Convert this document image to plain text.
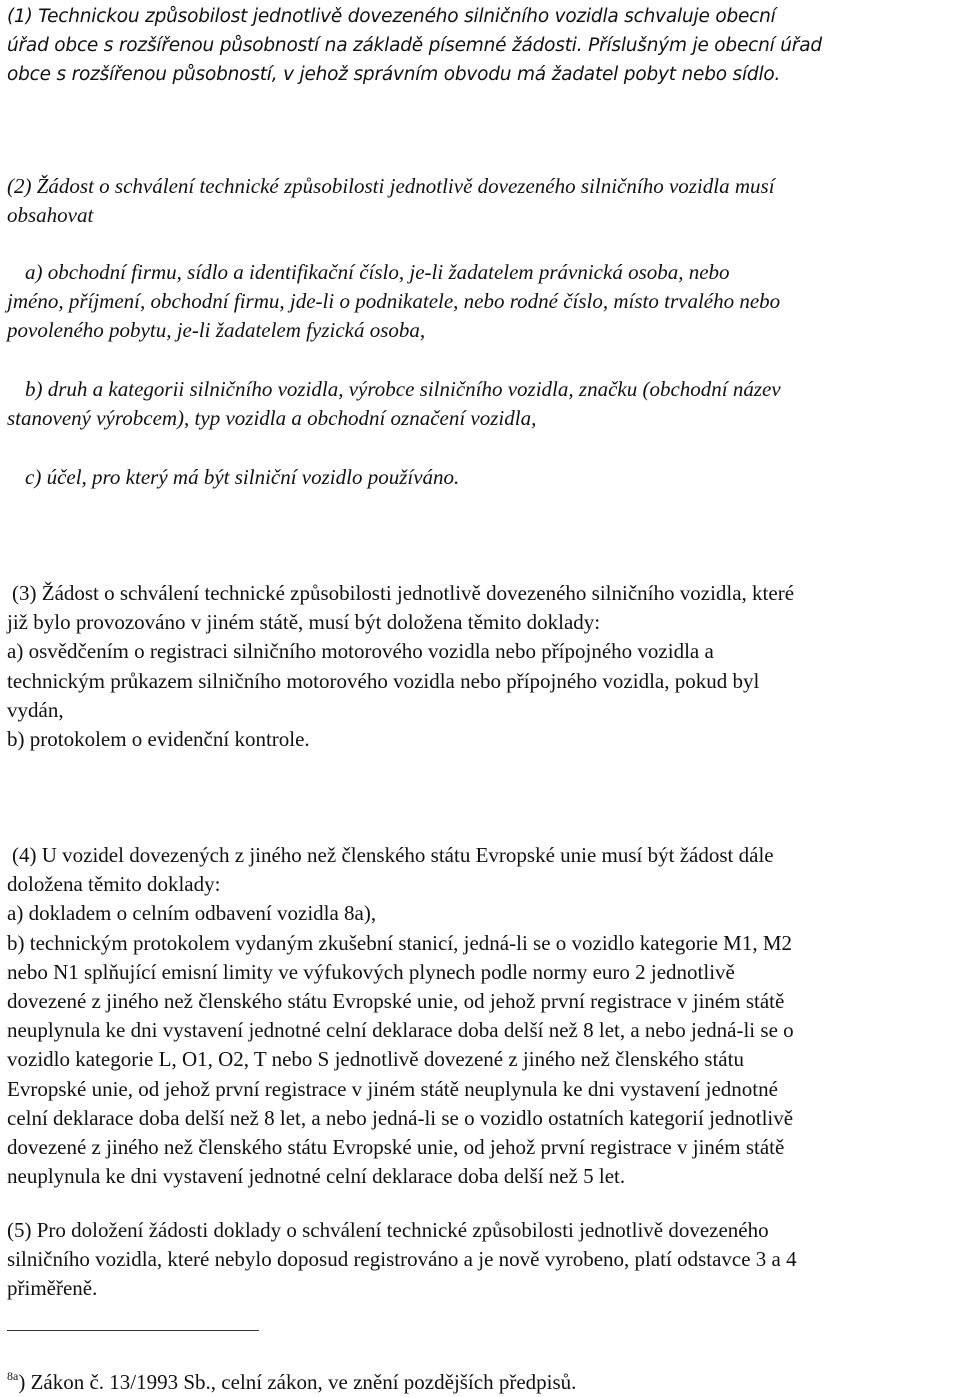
(1) Technickou způsobilost jednotlivě dovezeného silničního vozidla schvaluje obecní
úřad obce s rozšířenou působností na základě písemné žádosti. Příslušným je obecní úřad
obce s rozšířenou působností, v jehož správním obvodu má žadatel pobyt nebo sídlo.
(2) Žádost o schválení technické způsobilosti jednotlivě dovezeného silničního vozidla musí
obsahovat
a) obchodní firmu, sídlo a identifikační číslo, je-li žadatelem právnická osoba, nebo
jméno, příjmení, obchodní firmu, jde-li o podnikatele, nebo rodné číslo, místo trvalého nebo
povoleného pobytu, je-li žadatelem fyzická osoba,
b) druh a kategorii silničního vozidla, výrobce silničního vozidla, značku (obchodní název
stanovený výrobcem), typ vozidla a obchodní označení vozidla,
c) účel, pro který má být silniční vozidlo používáno.
(3) Žádost o schválení technické způsobilosti jednotlivě dovezeného silničního vozidla, které
již bylo provozováno v jiném státě, musí být doložena těmito doklady:
a) osvědčením o registraci silničního motorového vozidla nebo přípojného vozidla a
technickým průkazem silničního motorového vozidla nebo přípojného vozidla, pokud byl
vydán,
b) protokolem o evidenční kontrole.
(4) U vozidel dovezených z jiného než členského státu Evropské unie musí být žádost dále
doložena těmito doklady:
a) dokladem o celním odbavení vozidla 8a),
b) technickým protokolem vydaným zkušební stanicí, jedná-li se o vozidlo kategorie M1, M2
nebo N1 splňující emisní limity ve výfukových plynech podle normy euro 2 jednotlivě
dovezené z jiného než členského státu Evropské unie, od jehož první registrace v jiném státě
neuplynula ke dni vystavení jednotné celní deklarace doba delší než 8 let, a nebo jedná-li se o
vozidlo kategorie L, O1, O2, T nebo S jednotlivě dovezené z jiného než členského státu
Evropské unie, od jehož první registrace v jiném státě neuplynula ke dni vystavení jednotné
celní deklarace doba delší než 8 let, a nebo jedná-li se o vozidlo ostatních kategorií jednotlivě
dovezené z jiného než členského státu Evropské unie, od jehož první registrace v jiném státě
neuplynula ke dni vystavení jednotné celní deklarace doba delší než 5 let.
(5) Pro doložení žádosti doklady o schválení technické způsobilosti jednotlivě dovezeného
silničního vozidla, které nebylo doposud registrováno a je nově vyrobeno, platí odstavce 3 a 4
přiměřeně.
$^{8a}$) Zákon č. 13/1993 Sb., celní zákon, ve znění pozdějších předpisů.
